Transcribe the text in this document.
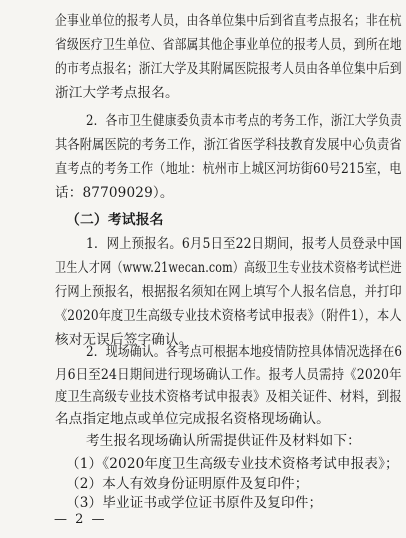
企事业单位的报考人员，由各单位集中后到省直考点报名；非在杭
省级医疗卫生单位、省部属其他企事业单位的报考人员，到所在地
的市考点报名；浙江大学及其附属医院报考人员由各单位集中后到
浙江大学考点报名。
2．各市卫生健康委负责本市考点的考务工作，浙江大学负责
其各附属医院的考务工作，浙江省医学科技教育发展中心负责省
直考点的考务工作（地址：杭州市上城区河坊街60号215室，电
话：87709029）。
（二）考试报名
1．网上预报名。6月5日至22日期间，报考人员登录中国
卫生人才网（www.21wecan.com）高级卫生专业技术资格考试栏进
行网上预报名，根据报名须知在网上填写个人报名信息，并打印
《2020年度卫生高级专业技术资格考试申报表》（附件1），本人
核对无误后签字确认。
2．现场确认。各考点可根据本地疫情防控具体情况选择在6
月6日至24日期间进行现场确认工作。报考人员需持《2020年
度卫生高级专业技术资格考试申报表》及相关证件、材料，到报
名点指定地点或单位完成报名资格现场确认。
考生报名现场确认所需提供证件及材料如下：
（1）《2020年度卫生高级专业技术资格考试申报表》；
（2）本人有效身份证明原件及复印件；
（3）毕业证书或学位证书原件及复印件；
— 2 —
